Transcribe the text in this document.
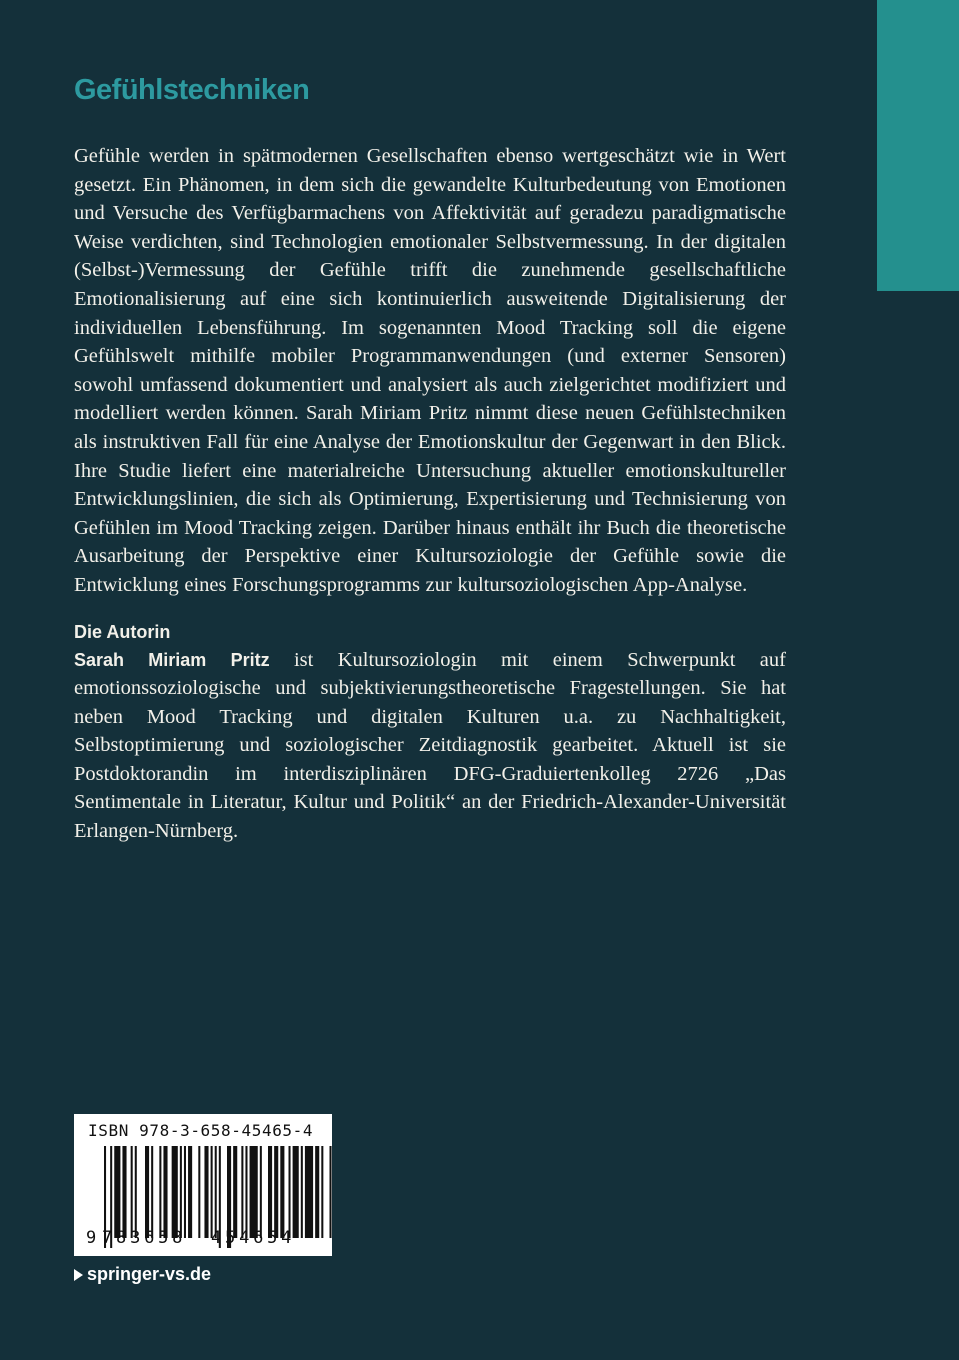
Gefühlstechniken

Gefühle werden in spätmodernen Gesellschaften ebenso wertgeschätzt wie in Wert gesetzt. Ein Phänomen, in dem sich die gewandelte Kulturbedeutung von Emotionen und Versuche des Verfügbarmachens von Affektivität auf geradezu paradigmatische Weise verdichten, sind Technologien emotionaler Selbstvermessung. In der digitalen (Selbst-)Vermessung der Gefühle trifft die zunehmende gesellschaftliche Emotionalisierung auf eine sich kontinuierlich ausweitende Digitalisierung der individuellen Lebensführung. Im sogenannten Mood Tracking soll die eigene Gefühlswelt mithilfe mobiler Programmanwendungen (und externer Sensoren) sowohl umfassend dokumentiert und analysiert als auch zielgerichtet modifiziert und modelliert werden können. Sarah Miriam Pritz nimmt diese neuen Gefühlstechniken als instruktiven Fall für eine Analyse der Emotionskultur der Gegenwart in den Blick. Ihre Studie liefert eine materialreiche Untersuchung aktueller emotionskultureller Entwicklungslinien, die sich als Optimierung, Expertisierung und Technisierung von Gefühlen im Mood Tracking zeigen. Darüber hinaus enthält ihr Buch die theoretische Ausarbeitung der Perspektive einer Kultursoziologie der Gefühle sowie die Entwicklung eines Forschungsprogramms zur kultursoziologischen App-Analyse.

Die Autorin

Sarah Miriam Pritz ist Kultursoziologin mit einem Schwerpunkt auf emotionssoziologische und subjektivierungstheoretische Fragestellungen. Sie hat neben Mood Tracking und digitalen Kulturen u.a. zu Nachhaltigkeit, Selbstoptimierung und soziologischer Zeitdiagnostik gearbeitet. Aktuell ist sie Postdoktorandin im interdisziplinären DFG-Graduiertenkolleg 2726 „Das Sentimentale in Literatur, Kultur und Politik“ an der Friedrich-Alexander-Universität Erlangen-Nürnberg.

ISBN 978-3-658-45465-4
9 783658 454654
springer-vs.de
